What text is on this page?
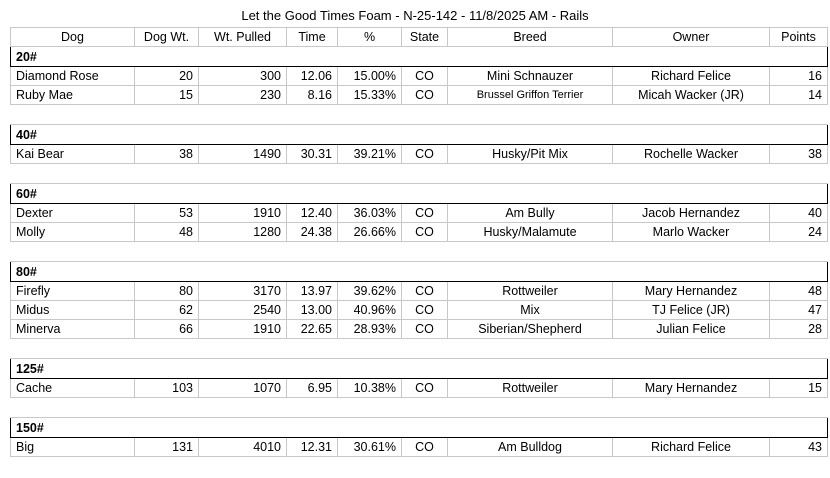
Let the Good Times Foam - N-25-142 - 11/8/2025 AM - Rails
Dog	Dog Wt.	Wt. Pulled	Time	%	State	Breed	Owner	Points
20#								
Diamond Rose	20	300	12.06	15.00%	CO	Mini Schnauzer	Richard Felice	16
Ruby Mae	15	230	8.16	15.33%	CO	Brussel Griffon Terrier	Micah Wacker (JR)	14

40#								
Kai Bear	38	1490	30.31	39.21%	CO	Husky/Pit Mix	Rochelle Wacker	38

60#								
Dexter	53	1910	12.40	36.03%	CO	Am Bully	Jacob Hernandez	40
Molly	48	1280	24.38	26.66%	CO	Husky/Malamute	Marlo Wacker	24

80#								
Firefly	80	3170	13.97	39.62%	CO	Rottweiler	Mary Hernandez	48
Midus	62	2540	13.00	40.96%	CO	Mix	TJ Felice (JR)	47
Minerva	66	1910	22.65	28.93%	CO	Siberian/Shepherd	Julian Felice	28

125#								
Cache	103	1070	6.95	10.38%	CO	Rottweiler	Mary Hernandez	15

150#								
Big	131	4010	12.31	30.61%	CO	Am Bulldog	Richard Felice	43
